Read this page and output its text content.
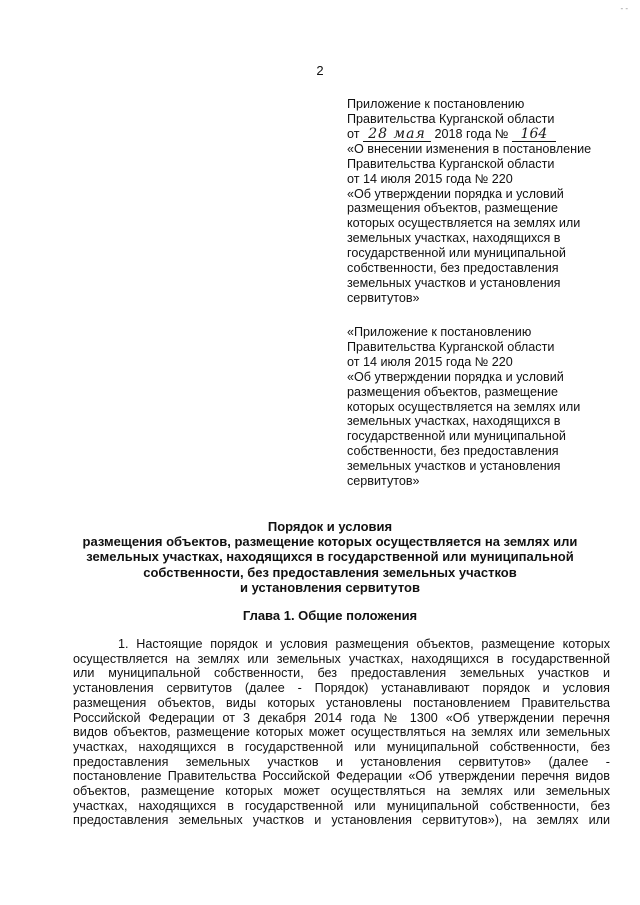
- -
2
Приложение к постановлению
Правительства Курганской области
от 28 мая 2018 года № 164
«О внесении изменения в постановление
Правительства Курганской области
от 14 июля 2015 года № 220
«Об утверждении порядка и условий
размещения объектов, размещение
которых осуществляется на землях или
земельных участках, находящихся в
государственной или муниципальной
собственности, без предоставления
земельных участков и установления
сервитутов»
«Приложение к постановлению
Правительства Курганской области
от 14 июля 2015 года № 220
«Об утверждении порядка и условий
размещения объектов, размещение
которых осуществляется на землях или
земельных участках, находящихся в
государственной или муниципальной
собственности, без предоставления
земельных участков и установления
сервитутов»
Порядок и условия
размещения объектов, размещение которых осуществляется на землях или
земельных участках, находящихся в государственной или муниципальной
собственности, без предоставления земельных участков
и установления сервитутов
Глава 1. Общие положения
1. Настоящие порядок и условия размещения объектов, размещение которых
осуществляется на землях или земельных участках, находящихся в государственной
или муниципальной собственности, без предоставления земельных участков и
установления сервитутов (далее - Порядок) устанавливают порядок и условия
размещения объектов, виды которых установлены постановлением Правительства
Российской Федерации от 3 декабря 2014 года № 1300 «Об утверждении перечня
видов объектов, размещение которых может осуществляться на землях или земельных
участках, находящихся в государственной или муниципальной собственности, без
предоставления земельных участков и установления сервитутов» (далее -
постановление Правительства Российской Федерации «Об утверждении перечня видов
объектов, размещение которых может осуществляться на землях или земельных
участках, находящихся в государственной или муниципальной собственности, без
предоставления земельных участков и установления сервитутов»), на землях или
